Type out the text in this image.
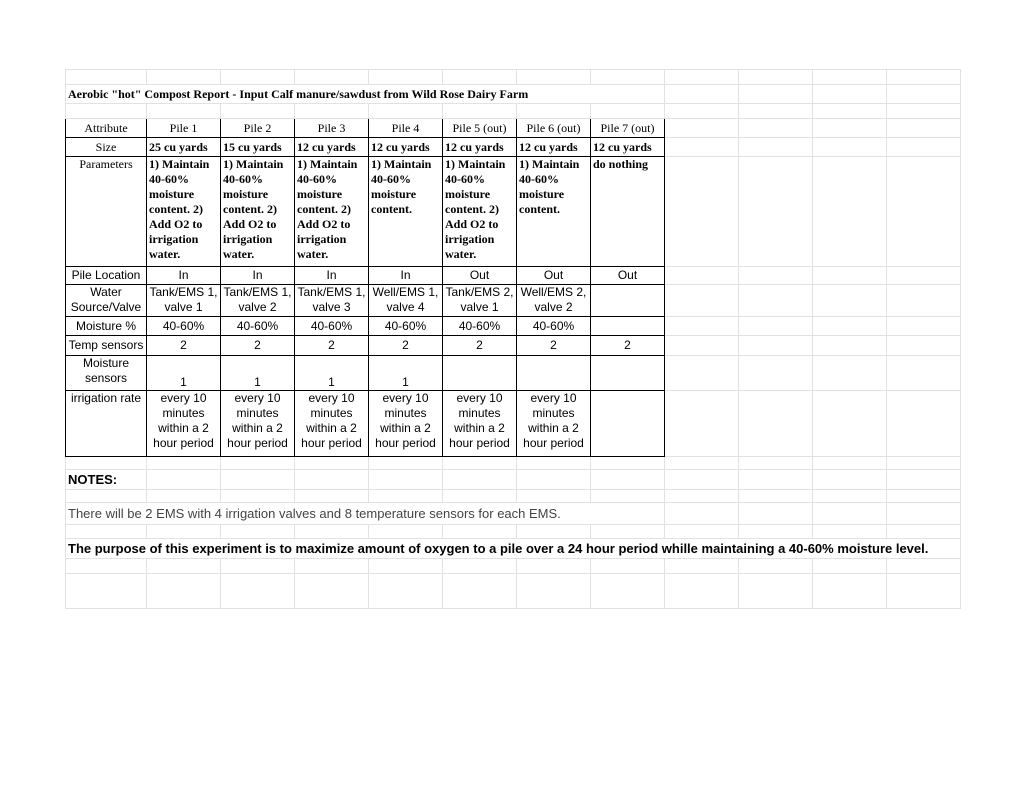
Aerobic "hot" Compost Report - Input Calf manure/sawdust from Wild Rose Dairy Farm											

Attribute	Pile 1	Pile 2	Pile 3	Pile 4	Pile 5 (out)	Pile 6 (out)	Pile 7 (out)				
Size	25 cu yards	15 cu yards	12 cu yards	12 cu yards	12 cu yards	12 cu yards	12 cu yards				
Parameters	1) Maintain 40-60% moisture content. 2) Add O2 to irrigation water.	1) Maintain 40-60% moisture content. 2) Add O2 to irrigation water.	1) Maintain 40-60% moisture content. 2) Add O2 to irrigation water.	1) Maintain 40-60% moisture content.	1) Maintain 40-60% moisture content. 2) Add O2 to irrigation water.	1) Maintain 40-60% moisture content.	do nothing				
Pile Location	In	In	In	In	Out	Out	Out				
Water Source/Valve	Tank/EMS 1, valve 1	Tank/EMS 1, valve 2	Tank/EMS 1, valve 3	Well/EMS 1, valve 4	Tank/EMS 2, valve 1	Well/EMS 2, valve 2					
Moisture %	40-60%	40-60%	40-60%	40-60%	40-60%	40-60%					
Temp sensors	2	2	2	2	2	2	2				
Moisture sensors	1	1	1	1							
irrigation rate	every 10 minutes within a 2 hour period	every 10 minutes within a 2 hour period	every 10 minutes within a 2 hour period	every 10 minutes within a 2 hour period	every 10 minutes within a 2 hour period	every 10 minutes within a 2 hour period					

NOTES:											

There will be 2 EMS with 4 irrigation valves and 8 temperature sensors for each EMS.											

The purpose of this experiment is to maximize amount of oxygen to a pile over a 24 hour period whille maintaining a 40-60% moisture level.											
